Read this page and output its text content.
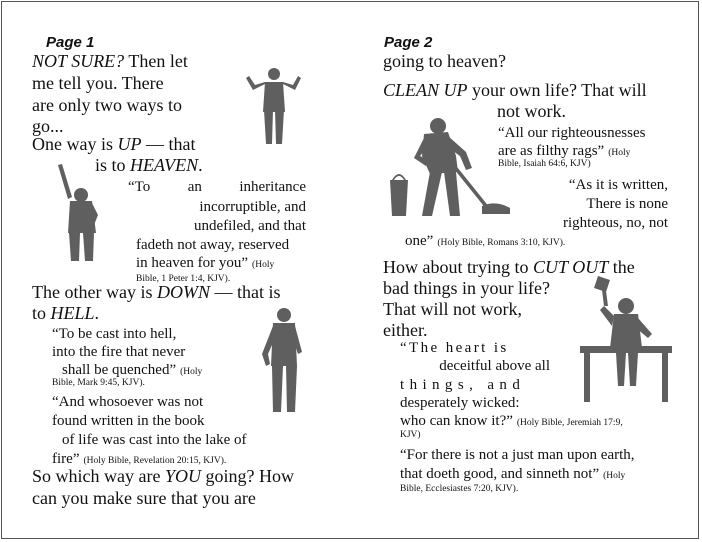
Page 1
NOT SURE? Then let
me tell you. There
are only two ways to
go...
One way is UP — that
is to HEAVEN.
“To an inheritance
incorruptible, and
undefiled, and that
fadeth not away, reserved
in heaven for you” (Holy
Bible, 1 Peter 1:4, KJV).
The other way is DOWN — that is
to HELL.
“To be cast into hell,
into the fire that never
shall be quenched” (Holy
Bible, Mark 9:45, KJV).
“And whosoever was not
found written in the book
of life was cast into the lake of
fire” (Holy Bible, Revelation 20:15, KJV).
So which way are YOU going? How
can you make sure that you are
Page 2
going to heaven?
CLEAN UP your own life? That will
not work.
“All our righteousnesses
are as filthy rags” (Holy
Bible, Isaiah 64:6, KJV)
“As it is written,
There is none
righteous, no, not
one” (Holy Bible, Romans 3:10, KJV).
How about trying to CUT OUT the
bad things in your life?
That will not work,
either.
“The heart is
deceitful above all
things, and
desperately wicked:
who can know it?” (Holy Bible, Jeremiah 17:9,
KJV)
“For there is not a just man upon earth,
that doeth good, and sinneth not” (Holy
Bible, Ecclesiastes 7:20, KJV).
